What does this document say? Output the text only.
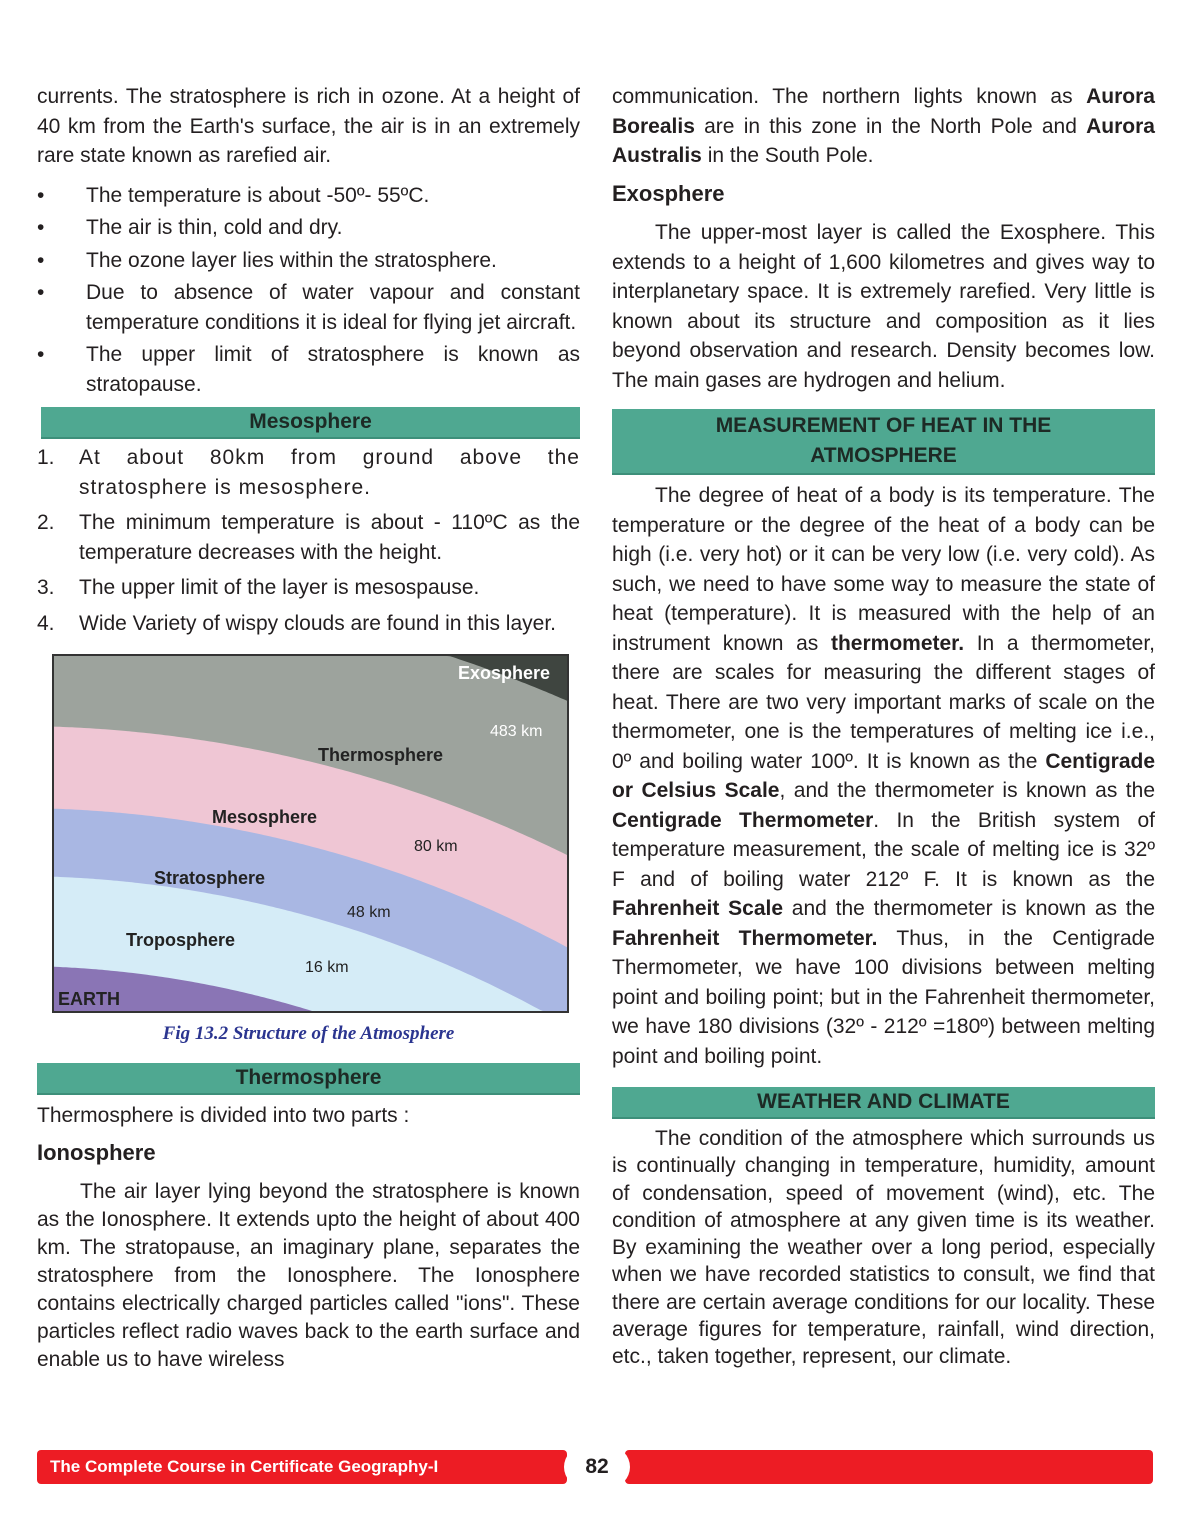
currents. The stratosphere is rich in ozone. At a height of 40 km from the Earth's surface, the air is in an extremely rare state known as rarefied air.

• The temperature is about -50º- 55ºC.
• The air is thin, cold and dry.
• The ozone layer lies within the stratosphere.
• Due to absence of water vapour and constant temperature conditions it is ideal for flying jet aircraft.
• The upper limit of stratosphere is known as stratopause.
Mesosphere
1. At about 80km from ground above the stratosphere is mesosphere.
2. The minimum temperature is about - 110ºC as the temperature decreases with the height.
3. The upper limit of the layer is mesospause.
4. Wide Variety of wispy clouds are found in this layer.
Exosphere
483 km
Thermosphere
Mesosphere
80 km
Stratosphere
48 km
Troposphere
16 km
EARTH
Fig 13.2 Structure of the Atmosphere
Thermosphere

Thermosphere is divided into two parts :

Ionosphere

The air layer lying beyond the stratosphere is known as the Ionosphere. It extends upto the height of about 400 km. The stratopause, an imaginary plane, separates the stratosphere from the Ionosphere. The Ionosphere contains electrically charged particles called "ions". These particles reflect radio waves back to the earth surface and enable us to have wireless

communication. The northern lights known as Aurora Borealis are in this zone in the North Pole and Aurora Australis in the South Pole.

Exosphere

The upper-most layer is called the Exosphere. This extends to a height of 1,600 kilometres and gives way to interplanetary space. It is extremely rarefied. Very little is known about its structure and composition as it lies beyond observation and research. Density becomes low. The main gases are hydrogen and helium.

MEASUREMENT OF HEAT IN THE ATMOSPHERE

The degree of heat of a body is its temperature. The temperature or the degree of the heat of a body can be high (i.e. very hot) or it can be very low (i.e. very cold). As such, we need to have some way to measure the state of heat (temperature). It is measured with the help of an instrument known as thermometer. In a thermometer, there are scales for measuring the different stages of heat. There are two very important marks of scale on the thermometer, one is the temperatures of melting ice i.e., 0º and boiling water 100º. It is known as the Centigrade or Celsius Scale, and the thermometer is known as the Centigrade Thermometer. In the British system of temperature measurement, the scale of melting ice is 32º F and of boiling water 212º F. It is known as the Fahrenheit Scale and the thermometer is known as the Fahrenheit Thermometer. Thus, in the Centigrade Thermometer, we have 100 divisions between melting point and boiling point; but in the Fahrenheit thermometer, we have 180 divisions (32º - 212º =180º) between melting point and boiling point.

WEATHER AND CLIMATE

The condition of the atmosphere which surrounds us is continually changing in temperature, humidity, amount of condensation, speed of movement (wind), etc. The condition of atmosphere at any given time is its weather. By examining the weather over a long period, especially when we have recorded statistics to consult, we find that there are certain average conditions for our locality. These average figures for temperature, rainfall, wind direction, etc., taken together, represent, our climate.

The Complete Course in Certificate Geography-I	82
